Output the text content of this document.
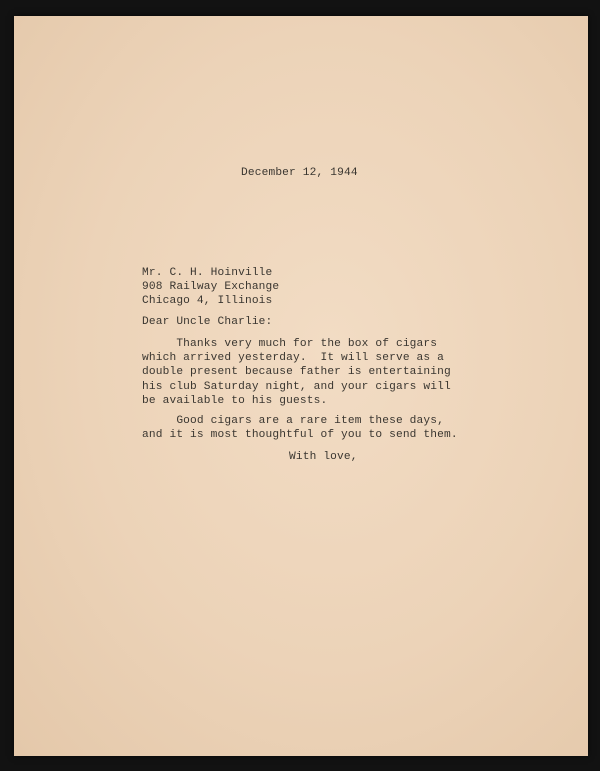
December 12, 1944

Mr. C. H. Hoinville
908 Railway Exchange
Chicago 4, Illinois

Dear Uncle Charlie:

Thanks very much for the box of cigars
which arrived yesterday.  It will serve as a
double present because father is entertaining
his club Saturday night, and your cigars will
be available to his guests.
Good cigars are a rare item these days,
and it is most thoughtful of you to send them.

With love,
